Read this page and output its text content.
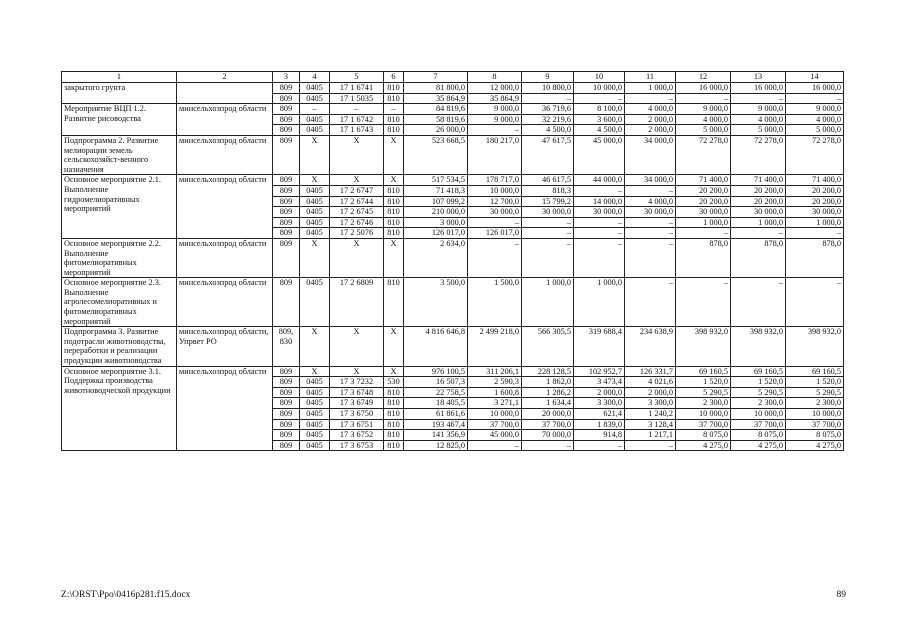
1	2	3	4	5	6	7	8	9	10	11	12	13	14
закрытого грунта		809	0405	17 1 6741	810	81 800,0	12 000,0	10 800,0	10 000,0	1 000,0	16 000,0	16 000,0	16 000,0
		809	0405	17 1 5035	810	35 864,9	35 864,9	–	–	–	–	–	–
Мероприятие ВЦП 1.2. Развитие рисоводства	минсельхозпрод области	809	–	–	–	84 819,6	9 000,0	36 719,6	8 100,0	4 000,0	9 000,0	9 000,0	9 000,0
		809	0405	17 1 6742	810	58 819,6	9 000,0	32 219,6	3 600,0	2 000,0	4 000,0	4 000,0	4 000,0
		809	0405	17 1 6743	810	26 000,0	–	4 500,0	4 500,0	2 000,0	5 000,0	5 000,0	5 000,0
Подпрограмма 2. Развитие мелиорации земель сельскохозяйст-венного назначения	минсельхозпрод области	809	X	X	X	523 668,5	180 217,0	47 617,5	45 000,0	34 000,0	72 278,0	72 278,0	72 278,0
Основное мероприятие 2.1. Выполнение гидромелиоративных мероприятий	минсельхозпрод области	809	X	X	X	517 534,5	178 717,0	46 617,5	44 000,0	34 000,0	71 400,0	71 400,0	71 400,0
		809	0405	17 2 6747	810	71 418,3	10 000,0	818,3	–	–	20 200,0	20 200,0	20 200,0
		809	0405	17 2 6744	810	107 099,2	12 700,0	15 799,2	14 000,0	4 000,0	20 200,0	20 200,0	20 200,0
		809	0405	17 2 6745	810	210 000,0	30 000,0	30 000,0	30 000,0	30 000,0	30 000,0	30 000,0	30 000,0
		809	0405	17 2 6746	810	3 000,0	–	–	–	–	1 000,0	1 000,0	1 000,0
		809	0405	17 2 5076	810	126 017,0	126 017,0	–	–	–	–	–	–
Основное мероприятие 2.2. Выполнение фитомелиоративных мероприятий	минсельхозпрод области	809	X	X	X	2 634,0	–	–	–	–	878,0	878,0	878,0
Основное мероприятие 2.3. Выполнение агролесомелиоративных и фитомелиоративных мероприятий	минсельхозпрод области	809	0405	17 2 6809	810	3 500,0	1 500,0	1 000,0	1 000,0	–	–	–	–
Подпрограмма 3. Развитие подотрасли животноводства, переработки и реализации продукции животноводства	минсельхозпрод области, Упрвет РО	809, 830	X	X	X	4 816 646,8	2 499 218,0	566 305,5	319 688,4	234 638,9	398 932,0	398 932,0	398 932,0
Основное мероприятие 3.1. Поддержка производства животноводческой продукции	минсельхозпрод области	809	X	X	X	976 100,5	311 206,1	228 128,5	102 952,7	126 331,7	69 160,5	69 160,5	69 160,5
		809	0405	17 3 7232	530	16 507,3	2 590,3	1 862,0	3 473,4	4 021,6	1 520,0	1 520,0	1 520,0
		809	0405	17 3 6748	810	22 758,5	1 600,8	1 286,2	2 000,0	2 000,0	5 290,5	5 290,5	5 290,5
		809	0405	17 3 6749	810	18 405,5	3 271,1	1 634,4	3 300,0	3 300,0	2 300,0	2 300,0	2 300,0
		809	0405	17 3 6750	810	61 861,6	10 000,0	20 000,0	621,4	1 240,2	10 000,0	10 000,0	10 000,0
		809	0405	17 3 6751	810	193 467,4	37 700,0	37 700,0	1 839,0	3 128,4	37 700,0	37 700,0	37 700,0
		809	0405	17 3 6752	810	141 356,9	45 000,0	70 000,0	914,8	1 217,1	8 075,0	8 075,0	8 075,0
		809	0405	17 3 6753	810	12 825,0	–	–	–	–	4 275,0	4 275,0	4 275,0
Z:\ORST\Ppo\0416p281.f15.docx	89
